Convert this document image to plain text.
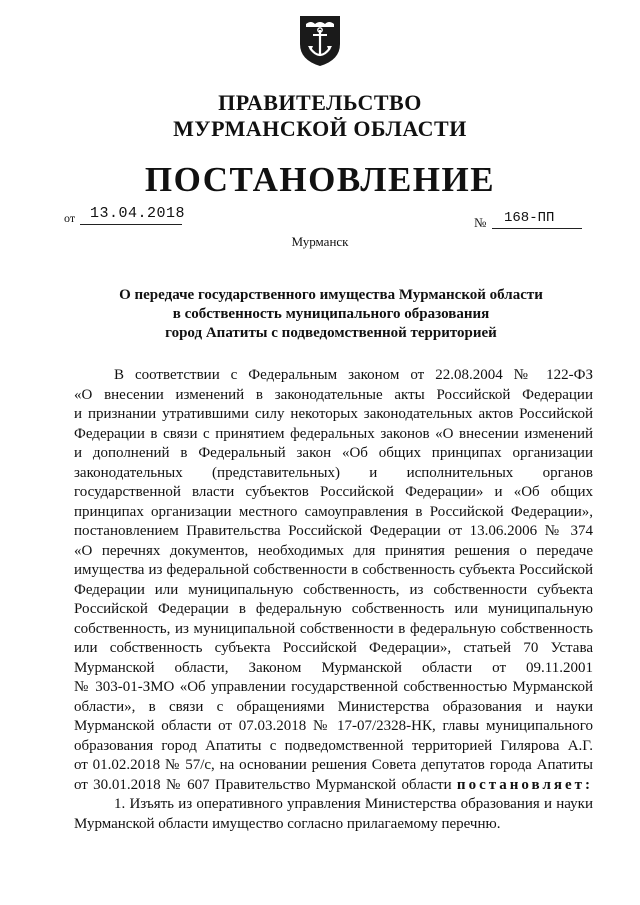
ПРАВИТЕЛЬСТВО
МУРМАНСКОЙ ОБЛАСТИ
ПОСТАНОВЛЕНИЕ
от 13.04.2018
№ 168-ПП
Мурманск
О передаче государственного имущества Мурманской области
в собственность муниципального образования
город Апатиты с подведомственной территорией
В соответствии с Федеральным законом от 22.08.2004 № 122-ФЗ
«О внесении изменений в законодательные акты Российской Федерации
и признании утратившими силу некоторых законодательных актов Российской
Федерации в связи с принятием федеральных законов «О внесении изменений
и дополнений в Федеральный закон «Об общих принципах организации
законодательных (представительных) и исполнительных органов
государственной власти субъектов Российской Федерации» и «Об общих
принципах организации местного самоуправления в Российской Федерации»,
постановлением Правительства Российской Федерации от 13.06.2006 № 374
«О перечнях документов, необходимых для принятия решения о передаче
имущества из федеральной собственности в собственность субъекта Российской
Федерации или муниципальную собственность, из собственности субъекта
Российской Федерации в федеральную собственность или муниципальную
собственность, из муниципальной собственности в федеральную собственность
или собственность субъекта Российской Федерации», статьей 70 Устава
Мурманской области, Законом Мурманской области от 09.11.2001
№ 303-01-ЗМО «Об управлении государственной собственностью Мурманской
области», в связи с обращениями Министерства образования и науки
Мурманской области от 07.03.2018 № 17-07/2328-НК, главы муниципального
образования город Апатиты с подведомственной территорией Гилярова А.Г.
от 01.02.2018 № 57/с, на основании решения Совета депутатов города Апатиты
от 30.01.2018 № 607 Правительство Мурманской области постановляет:
1. Изъять из оперативного управления Министерства образования и науки
Мурманской области имущество согласно прилагаемому перечню.
